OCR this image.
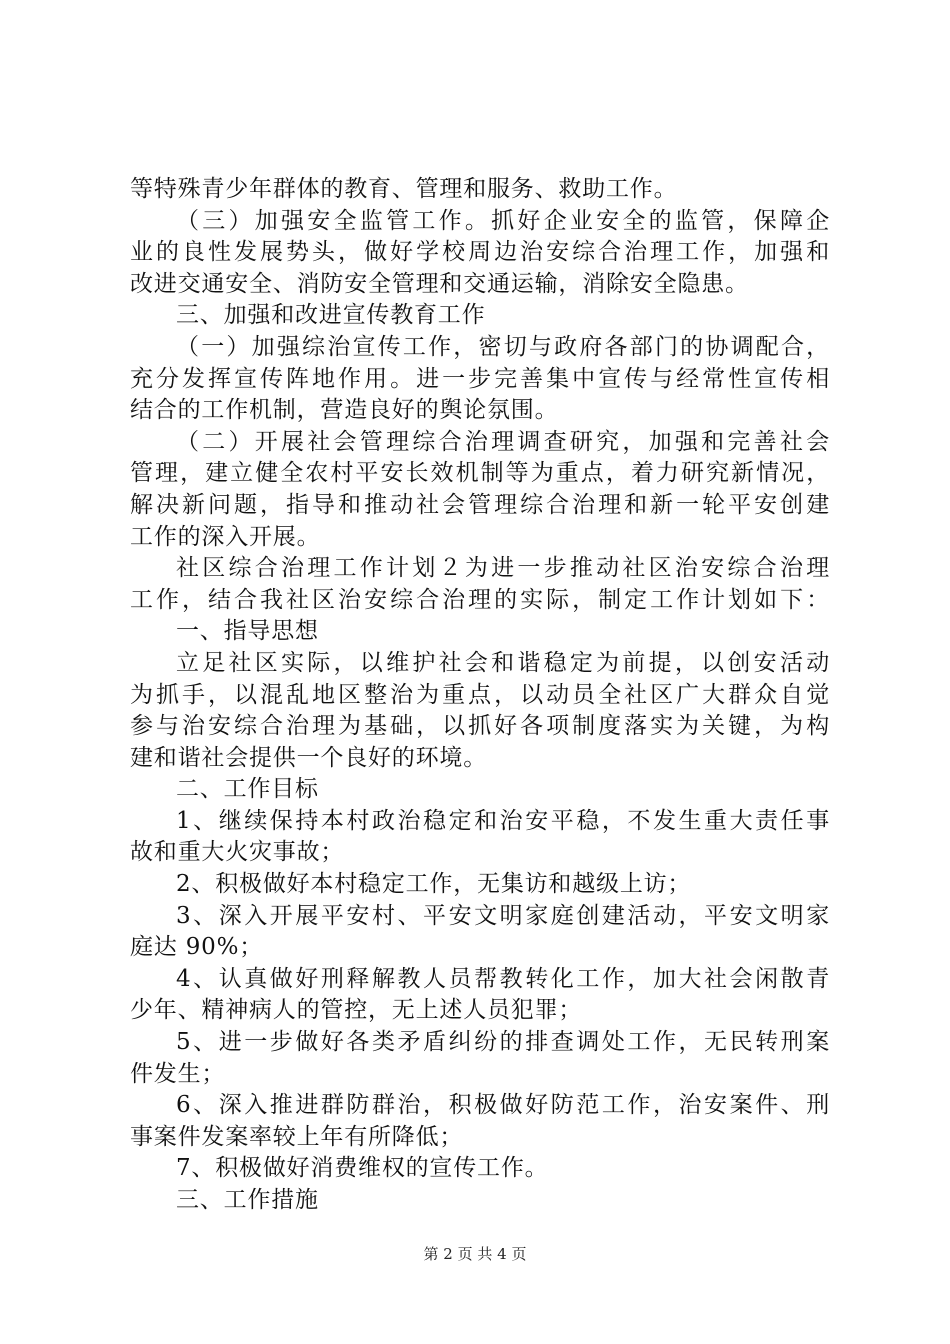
等特殊青少年群体的教育、管理和服务、救助工作。
（三）加强安全监管工作。抓好企业安全的监管，保障企
业的良性发展势头，做好学校周边治安综合治理工作，加强和
改进交通安全、消防安全管理和交通运输，消除安全隐患。
三、加强和改进宣传教育工作
（一）加强综治宣传工作，密切与政府各部门的协调配合，
充分发挥宣传阵地作用。进一步完善集中宣传与经常性宣传相
结合的工作机制，营造良好的舆论氛围。
（二）开展社会管理综合治理调查研究，加强和完善社会
管理，建立健全农村平安长效机制等为重点，着力研究新情况，
解决新问题，指导和推动社会管理综合治理和新一轮平安创建
工作的深入开展。
社区综合治理工作计划２为进一步推动社区治安综合治理
工作，结合我社区治安综合治理的实际，制定工作计划如下：
一、指导思想
立足社区实际，以维护社会和谐稳定为前提，以创安活动
为抓手，以混乱地区整治为重点，以动员全社区广大群众自觉
参与治安综合治理为基础，以抓好各项制度落实为关键，为构
建和谐社会提供一个良好的环境。
二、工作目标
1、继续保持本村政治稳定和治安平稳，不发生重大责任事
故和重大火灾事故；
2、积极做好本村稳定工作，无集访和越级上访；
3、深入开展平安村、平安文明家庭创建活动，平安文明家
庭达 90%；
4、认真做好刑释解教人员帮教转化工作，加大社会闲散青
少年、精神病人的管控，无上述人员犯罪；
5、进一步做好各类矛盾纠纷的排查调处工作，无民转刑案
件发生；
6、深入推进群防群治，积极做好防范工作，治安案件、刑
事案件发案率较上年有所降低；
7、积极做好消费维权的宣传工作。
三、工作措施
第 2 页 共 4 页
